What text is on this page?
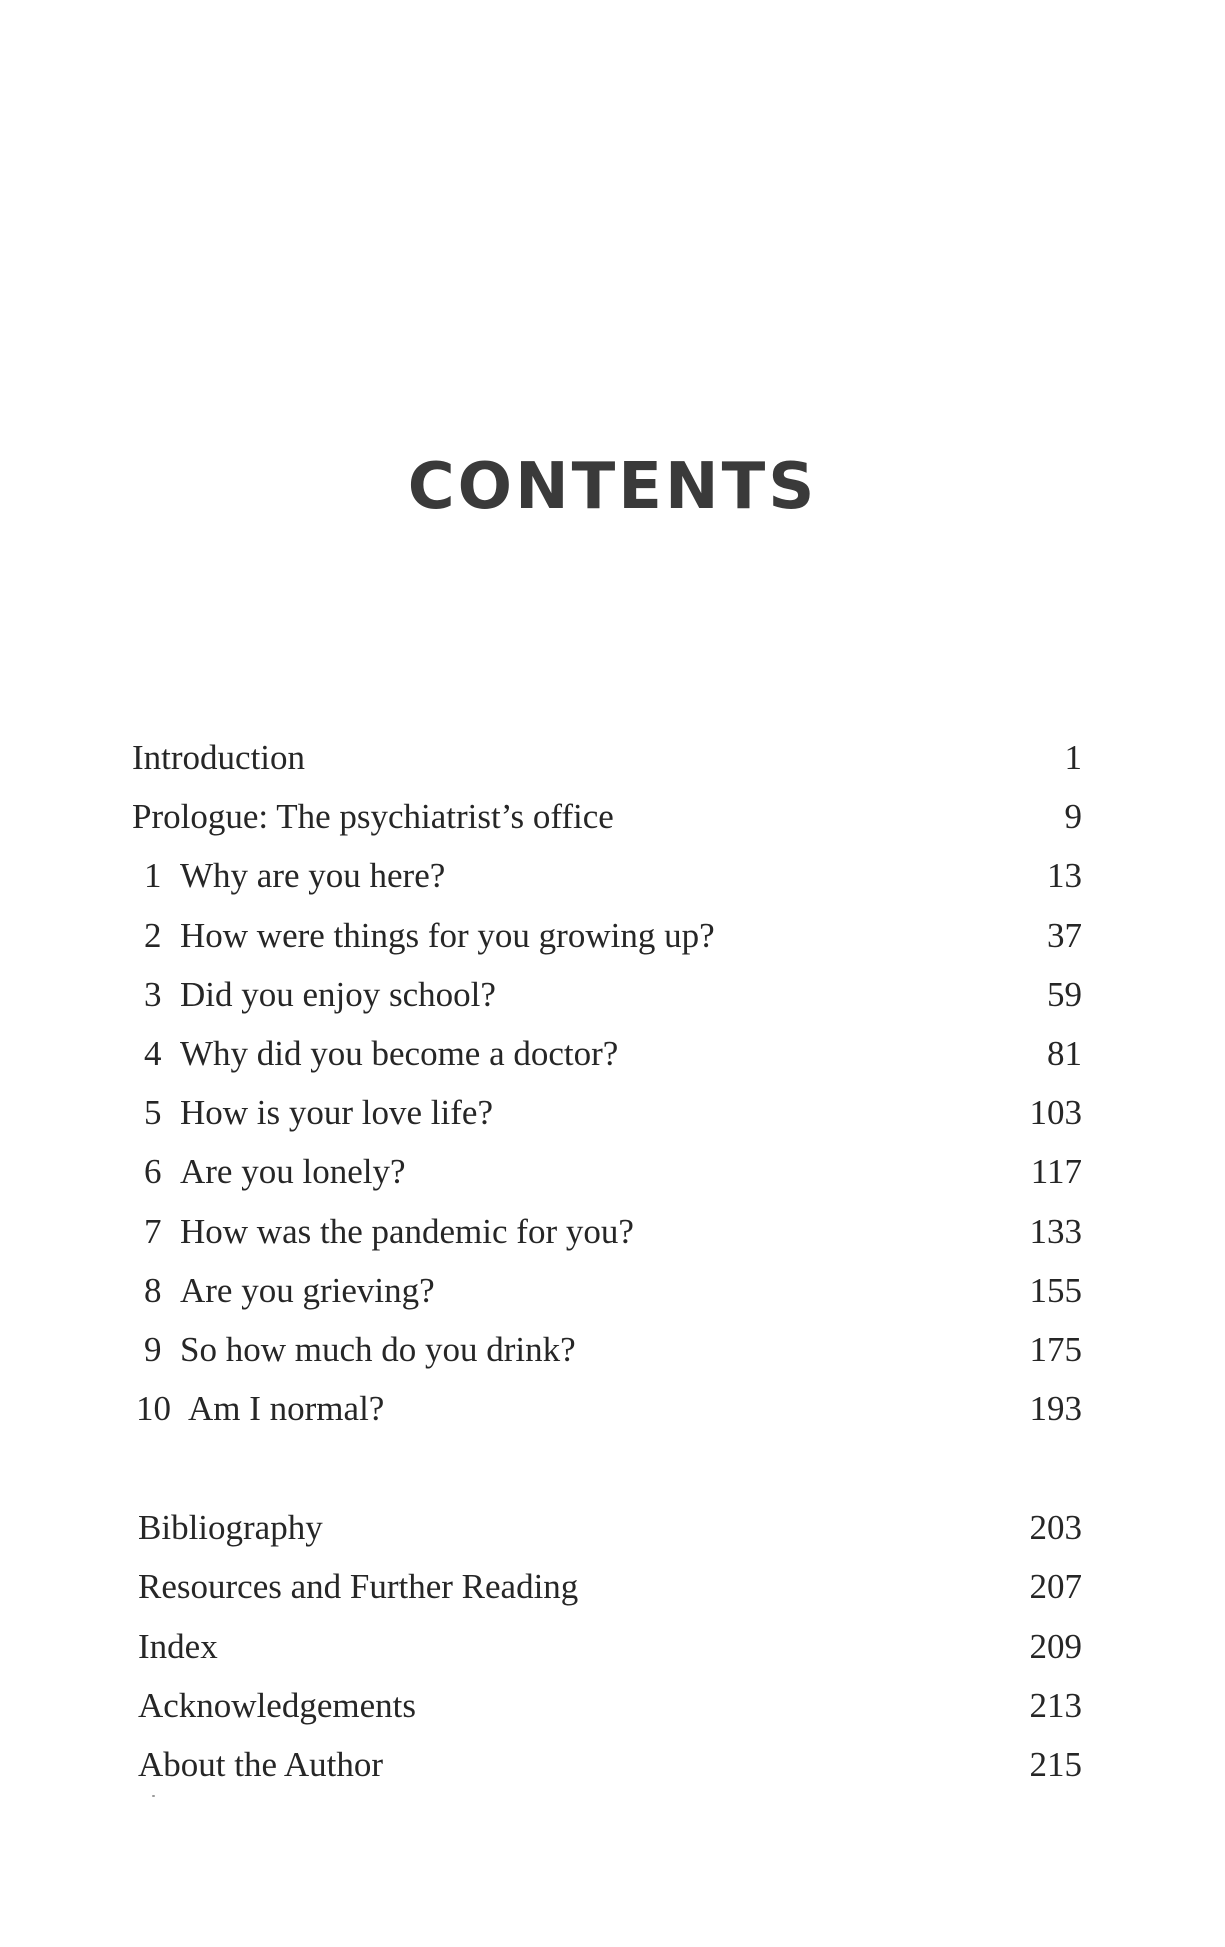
CONTENTS
Introduction	1
Prologue: The psychiatrist’s office	9
1 Why are you here?	13
2 How were things for you growing up?	37
3 Did you enjoy school?	59
4 Why did you become a doctor?	81
5 How is your love life?	103
6 Are you lonely?	117
7 How was the pandemic for you?	133
8 Are you grieving?	155
9 So how much do you drink?	175
10 Am I normal?	193
Bibliography	203
Resources and Further Reading	207
Index	209
Acknowledgements	213
About the Author	215
